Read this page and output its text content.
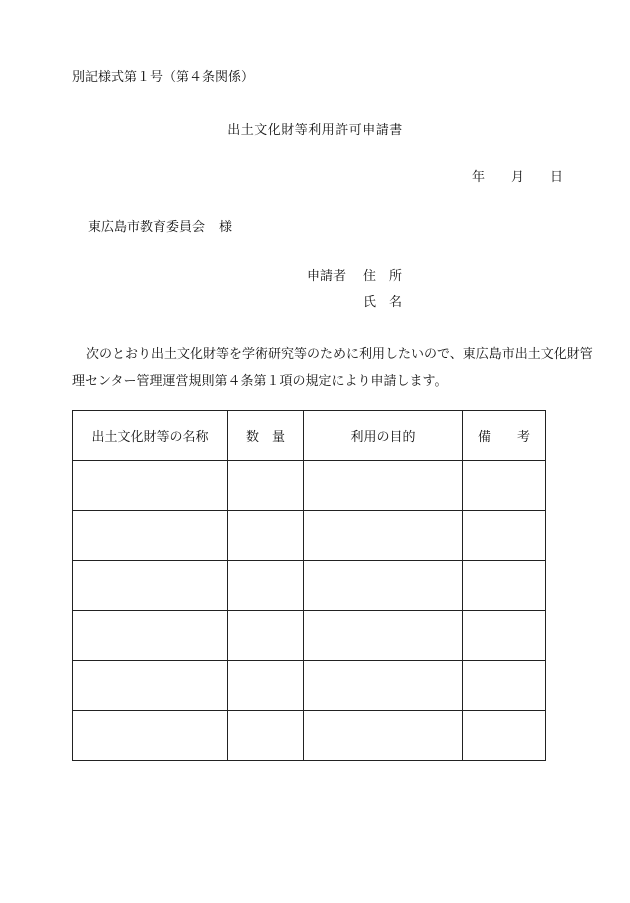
別記様式第１号（第４条関係）
出土文化財等利用許可申請書
年 月 日
東広島市教育委員会 様
申請者 住　所
氏　名
次のとおり出土文化財等を学術研究等のために利用したいので、東広島市出土文化財管理センター管理運営規則第４条第１項の規定により申請します。
出土文化財等の名称	数　量	利用の目的	備　　考
